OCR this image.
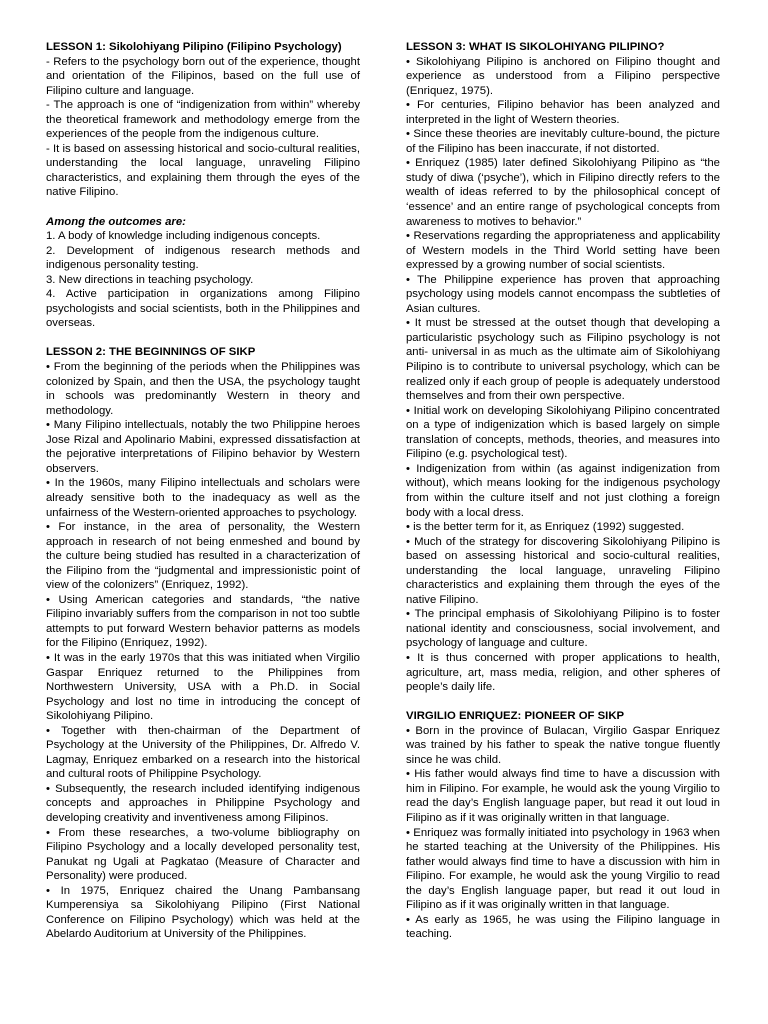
LESSON 1: Sikolohiyang Pilipino (Filipino Psychology)

- Refers to the psychology born out of the experience, thought and orientation of the Filipinos, based on the full use of Filipino culture and language.

- The approach is one of “indigenization from within” whereby the theoretical framework and methodology emerge from the experiences of the people from the indigenous culture.

- It is based on assessing historical and socio-cultural realities, understanding the local language, unraveling Filipino characteristics, and explaining them through the eyes of the native Filipino.

Among the outcomes are:

1. A body of knowledge including indigenous concepts.

2. Development of indigenous research methods and indigenous personality testing.

3. New directions in teaching psychology.

4. Active participation in organizations among Filipino psychologists and social scientists, both in the Philippines and overseas.

LESSON 2: THE BEGINNINGS OF SIKP

• From the beginning of the periods when the Philippines was colonized by Spain, and then the USA, the psychology taught in schools was predominantly Western in theory and methodology.

• Many Filipino intellectuals, notably the two Philippine heroes Jose Rizal and Apolinario Mabini, expressed dissatisfaction at the pejorative interpretations of Filipino behavior by Western observers.

• In the 1960s, many Filipino intellectuals and scholars were already sensitive both to the inadequacy as well as the unfairness of the Western-oriented approaches to psychology.

• For instance, in the area of personality, the Western approach in research of not being enmeshed and bound by the culture being studied has resulted in a characterization of the Filipino from the “judgmental and impressionistic point of view of the colonizers” (Enriquez, 1992).

• Using American categories and standards, “the native Filipino invariably suffers from the comparison in not too subtle attempts to put forward Western behavior patterns as models for the Filipino (Enriquez, 1992).

• It was in the early 1970s that this was initiated when Virgilio Gaspar Enriquez returned to the Philippines from Northwestern University, USA with a Ph.D. in Social Psychology and lost no time in introducing the concept of Sikolohiyang Pilipino.

• Together with then-chairman of the Department of Psychology at the University of the Philippines, Dr. Alfredo V. Lagmay, Enriquez embarked on a research into the historical and cultural roots of Philippine Psychology.

• Subsequently, the research included identifying indigenous concepts and approaches in Philippine Psychology and developing creativity and inventiveness among Filipinos.

• From these researches, a two-volume bibliography on Filipino Psychology and a locally developed personality test, Panukat ng Ugali at Pagkatao (Measure of Character and Personality) were produced.

• In 1975, Enriquez chaired the Unang Pambansang Kumperensiya sa Sikolohiyang Pilipino (First National Conference on Filipino Psychology) which was held at the Abelardo Auditorium at University of the Philippines.

LESSON 3: WHAT IS SIKOLOHIYANG PILIPINO?

• Sikolohiyang Pilipino is anchored on Filipino thought and experience as understood from a Filipino perspective (Enriquez, 1975).

• For centuries, Filipino behavior has been analyzed and interpreted in the light of Western theories.

• Since these theories are inevitably culture-bound, the picture of the Filipino has been inaccurate, if not distorted.

• Enriquez (1985) later defined Sikolohiyang Pilipino as “the study of diwa (‘psyche’), which in Filipino directly refers to the wealth of ideas referred to by the philosophical concept of ‘essence’ and an entire range of psychological concepts from awareness to motives to behavior.”

• Reservations regarding the appropriateness and applicability of Western models in the Third World setting have been expressed by a growing number of social scientists.

• The Philippine experience has proven that approaching psychology using models cannot encompass the subtleties of Asian cultures.

• It must be stressed at the outset though that developing a particularistic psychology such as Filipino psychology is not anti- universal in as much as the ultimate aim of Sikolohiyang Pilipino is to contribute to universal psychology, which can be realized only if each group of people is adequately understood themselves and from their own perspective.

• Initial work on developing Sikolohiyang Pilipino concentrated on a type of indigenization which is based largely on simple translation of concepts, methods, theories, and measures into Filipino (e.g. psychological test).

• Indigenization from within (as against indigenization from without), which means looking for the indigenous psychology from within the culture itself and not just clothing a foreign body with a local dress.

• is the better term for it, as Enriquez (1992) suggested.

• Much of the strategy for discovering Sikolohiyang Pilipino is based on assessing historical and socio-cultural realities, understanding the local language, unraveling Filipino characteristics and explaining them through the eyes of the native Filipino.

• The principal emphasis of Sikolohiyang Pilipino is to foster national identity and consciousness, social involvement, and psychology of language and culture.

• It is thus concerned with proper applications to health, agriculture, art, mass media, religion, and other spheres of people’s daily life.

VIRGILIO ENRIQUEZ: PIONEER OF SIKP

• Born in the province of Bulacan, Virgilio Gaspar Enriquez was trained by his father to speak the native tongue fluently since he was child.

• His father would always find time to have a discussion with him in Filipino. For example, he would ask the young Virgilio to read the day’s English language paper, but read it out loud in Filipino as if it was originally written in that language.

• Enriquez was formally initiated into psychology in 1963 when he started teaching at the University of the Philippines. His father would always find time to have a discussion with him in Filipino. For example, he would ask the young Virgilio to read the day’s English language paper, but read it out loud in Filipino as if it was originally written in that language.

• As early as 1965, he was using the Filipino language in teaching.
